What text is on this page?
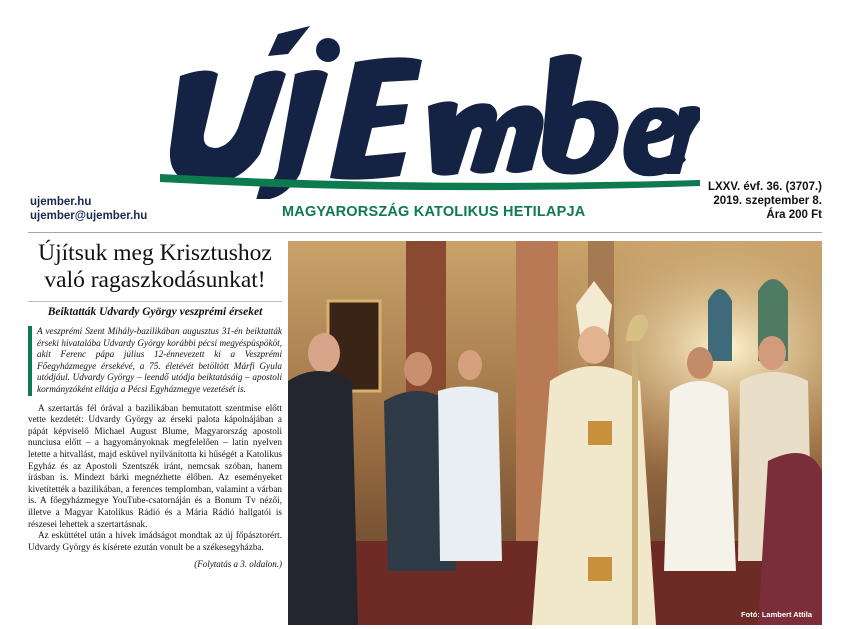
ujember.hu
ujember@ujember.hu	MAGYARORSZÁG KATOLIKUS HETILAPJA
LXXV. évf. 36. (3707.)
2019. szeptember 8.
Ára 200 Ft
Újítsuk meg Krisztushoz való ragaszkodásunkat!

Beiktatták Udvardy György veszprémi érseket

A veszprémi Szent Mihály-bazilikában augusztus 31-én beiktatták érseki hivatalába Udvardy György korábbi pécsi megyéspüspököt, akit Ferenc pápa július 12-énnevezett ki a Veszprémi Főegyházmegye érsekévé, a 75. életévét betöltött Márfi Gyula utódjául. Udvardy György – leendő utódja beiktatásáig – apostoli kormányzóként ellátja a Pécsi Egyházmegye vezetését is.

A szertartás fél órával a bazilikában bemutatott szentmise előtt vette kezdetét: Udvardy György az érseki palota kápolnájában a pápát képviselő Michael August Blume, Magyarország apostoli nunciusa előtt – a hagyományoknak megfelelően – latin nyelven letette a hitvallást, majd esküvel nyilvánította ki hűségét a Katolikus Egyház és az Apostoli Szentszék iránt, nemcsak szóban, hanem írásban is. Mindezt bárki megnézhette élőben. Az eseményeket kivetítették a bazilikában, a ferences templomban, valamint a várban is. A főegyházmegye YouTube-csatornáján és a Bonum Tv nézői, illetve a Magyar Katolikus Rádió és a Mária Rádió hallgatói is részesei lehettek a szertartásnak.

Az esküttétel után a hívek imádságot mondtak az új főpásztorért. Udvardy György és kísérete ezután vonult be a székesegyházba.

(Folytatás a 3. oldalon.)
Fotó: Lambert Attila
